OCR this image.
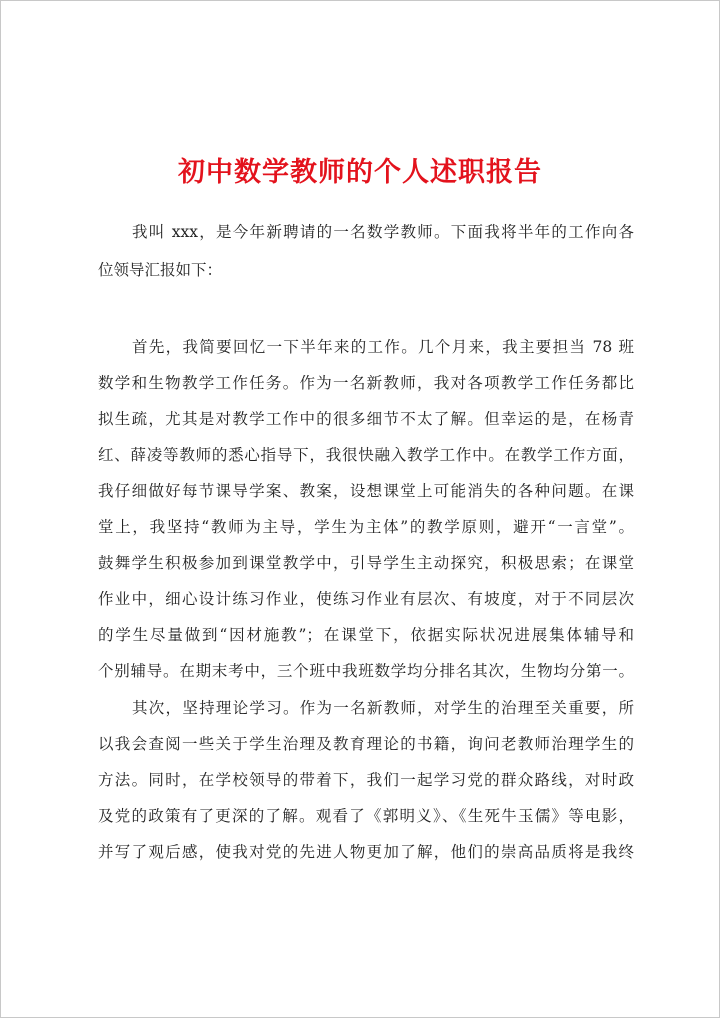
初中数学教师的个人述职报告
我叫 xxx，是今年新聘请的一名数学教师。下面我将半年的工作向各
位领导汇报如下：
首先，我简要回忆一下半年来的工作。几个月来，我主要担当 78 班
数学和生物教学工作任务。作为一名新教师，我对各项教学工作任务都比
拟生疏，尤其是对教学工作中的很多细节不太了解。但幸运的是，在杨青
红、薛凌等教师的悉心指导下，我很快融入教学工作中。在教学工作方面，
我仔细做好每节课导学案、教案，设想课堂上可能消失的各种问题。在课
堂上，我坚持“教师为主导，学生为主体”的教学原则，避开“一言堂”。
鼓舞学生积极参加到课堂教学中，引导学生主动探究，积极思索；在课堂
作业中，细心设计练习作业，使练习作业有层次、有坡度，对于不同层次
的学生尽量做到“因材施教”；在课堂下，依据实际状况进展集体辅导和
个别辅导。在期末考中，三个班中我班数学均分排名其次，生物均分第一。
其次，坚持理论学习。作为一名新教师，对学生的治理至关重要，所
以我会查阅一些关于学生治理及教育理论的书籍，询问老教师治理学生的
方法。同时，在学校领导的带着下，我们一起学习党的群众路线，对时政
及党的政策有了更深的了解。观看了《郭明义》、《生死牛玉儒》等电影，
并写了观后感，使我对党的先进人物更加了解，他们的崇高品质将是我终
